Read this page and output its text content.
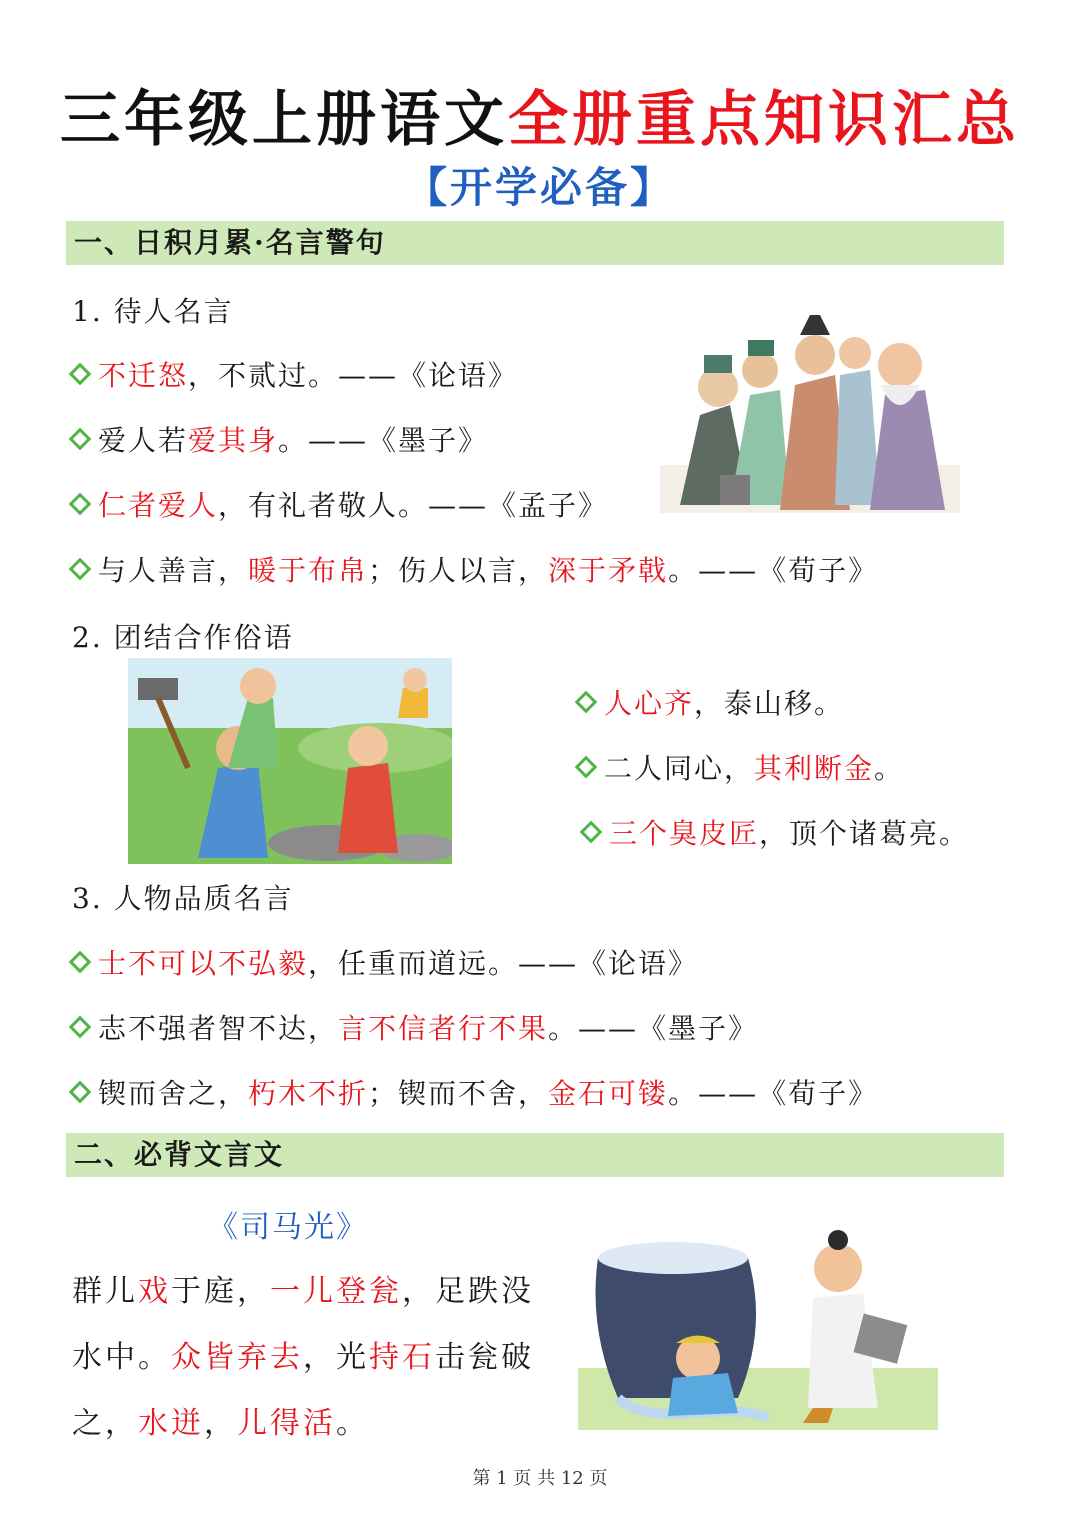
三年级上册语文全册重点知识汇总
【开学必备】
一、日积月累·名言警句
1. 待人名言
不迁怒，不贰过。——《论语》
爱人若爱其身。——《墨子》
仁者爱人，有礼者敬人。——《孟子》
与人善言，暖于布帛；伤人以言，深于矛戟。——《荀子》
2. 团结合作俗语
人心齐，泰山移。
二人同心，其利断金。
三个臭皮匠，顶个诸葛亮。
3. 人物品质名言
士不可以不弘毅，任重而道远。——《论语》
志不强者智不达，言不信者行不果。——《墨子》
锲而舍之，朽木不折；锲而不舍，金石可镂。——《荀子》
二、必背文言文
《司马光》
群儿戏于庭，一儿登瓮，足跌没
水中。众皆弃去，光持石击瓮破
之，水迸，儿得活。
第 1 页 共 12 页
